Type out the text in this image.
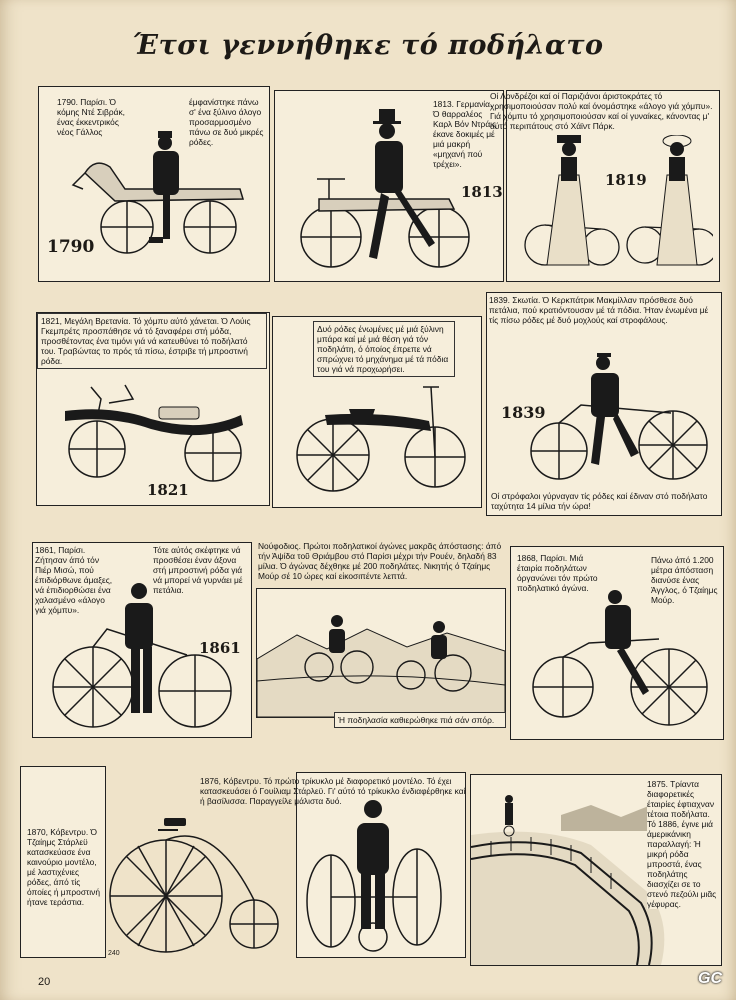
Έτσι γεννήθηκε τό ποδήλατο
1790. Παρίσι. Ό κόμης Ντέ Σιβράκ, ένας έκκεντρικός νέος Γάλλος
έμφανίστηκε πάνω σ' ένα ξύλινο άλογο προσαρμοσμένο πάνω σε δυό μικρές ρόδες.
1790
1813. Γερμανία. Ό θαρραλέος Καρλ Βόν Ντράις έκανε δοκιμές μέ μιά μακρή «μηχανή πού τρέχει».
1813
1819
Οί Λονδρέζοι καί οί Παριζιάνοι άριστοκράτες τό χρησιμοποιούσαν πολύ καί όνομάστηκε «άλογο γιά χόμπυ». Γιά χόμπυ τό χρησιμοποιούσαν καί οί γυναίκες, κάνοντας μ' αύτό περιπάτους στό Χάϊντ Πάρκ.
1821, Μεγάλη Βρετανία. Τό χόμπυ αύτό χάνεται. Ό Λούις Γκεμπρέτς προσπάθησε νά τό ξαναφέρει στή μόδα, προσθέτοντας ένα τιμόνι γιά νά κατευθύνει τό ποδήλατό του. Τραβώντας το πρός τά πίσω, έστριβε τή μπροστινή ρόδα.
1821
Δυό ρόδες ένωμένες μέ μιά ξύλινη μπάρα καί μέ μιά θέση γιά τόν ποδηλάτη, ό όποίος έπρεπε νά σπρώχνει τό μηχάνημα μέ τά πόδια του γιά νά προχωρήσει.
1839. Σκωτία. Ό Κερκπάτρικ Μακμίλλαν πρόσθεσε δυό πετάλια, πού κρατιόντουσαν μέ τά πόδια. Ήταν ένωμένα μέ τίς πίσω ρόδες μέ δυό μοχλούς καί στροφάλους.
1839
Οί στρόφαλοι γύρναγαν τίς ρόδες καί έδιναν στό ποδήλατο ταχύτητα 14 μίλια τήν ώρα!
1861, Παρίσι. Ζήτησαν άπό τόν Πιέρ Μισώ, πού έπιδιόρθωνε άμαξες, νά έπιδιορθώσει ένα χαλασμένο «άλογο γιά χόμπυ».
Τότε αύτός σκέφτηκε νά προσθέσει έναν άξονα στή μπροστινή ρόδα γιά νά μπορεί νά γυρνάει μέ πετάλια.
1861
Νούφοδιος. Πρώτοι ποδηλατικοί άγώνες μακρᾶς άπόστασης: άπό τήν Άψίδα τοῦ Θριάμβου στό Παρίσι μέχρι τήν Ρουέν, δηλαδή 83 μίλια. Ό άγώνας δέχθηκε μέ 200 ποδηλάτες. Νικητής ό Τζαίημς Μούρ σέ 10 ώρες καί εἰκοσιπέντε λεπτά.
Ή ποδηλασία καθιερώθηκε πιά σάν σπόρ.
1868, Παρίσι. Μιά έταιρία ποδηλάτων όργανώνει τόν πρώτο ποδηλατικό άγώνα.
Πάνω άπό 1.200 μέτρα άπόσταση διανύσε ένας Άγγλος, ό Τζαίημς Μούρ.
1870, Κόβεντρυ. Ό Τζαίημς Στάρλεϋ κατασκεύασε ένα καινούριο μοντέλο, μέ λαστιχένιες ρόδες, άπό τίς όποίες ή μπροστινή ήτανε τεράστια.
240
1876, Κόβεντρυ. Τό πρώτο τρίκυκλο μέ διαφορετικό μοντέλο. Τό έχει κατασκευάσει ό Γουίλιαμ Στάρλεϋ. Γι' αύτό τό τρίκυκλο ένδιαφέρθηκε καί ή βασίλισσα. Παραγγείλε μάλιστα δυό.
1875. Τρίαντα διαφορετικές έταιρίες έφτιαχναν τέτοια ποδήλατα. Τό 1886, έγινε μιά άμερικάνικη παραλλαγή: Ή μικρή ρόδα μπροστά, ένας ποδηλάτης διασχίζει σε το στενό πεζούλι μιᾶς γέφυρας.
20	GC
